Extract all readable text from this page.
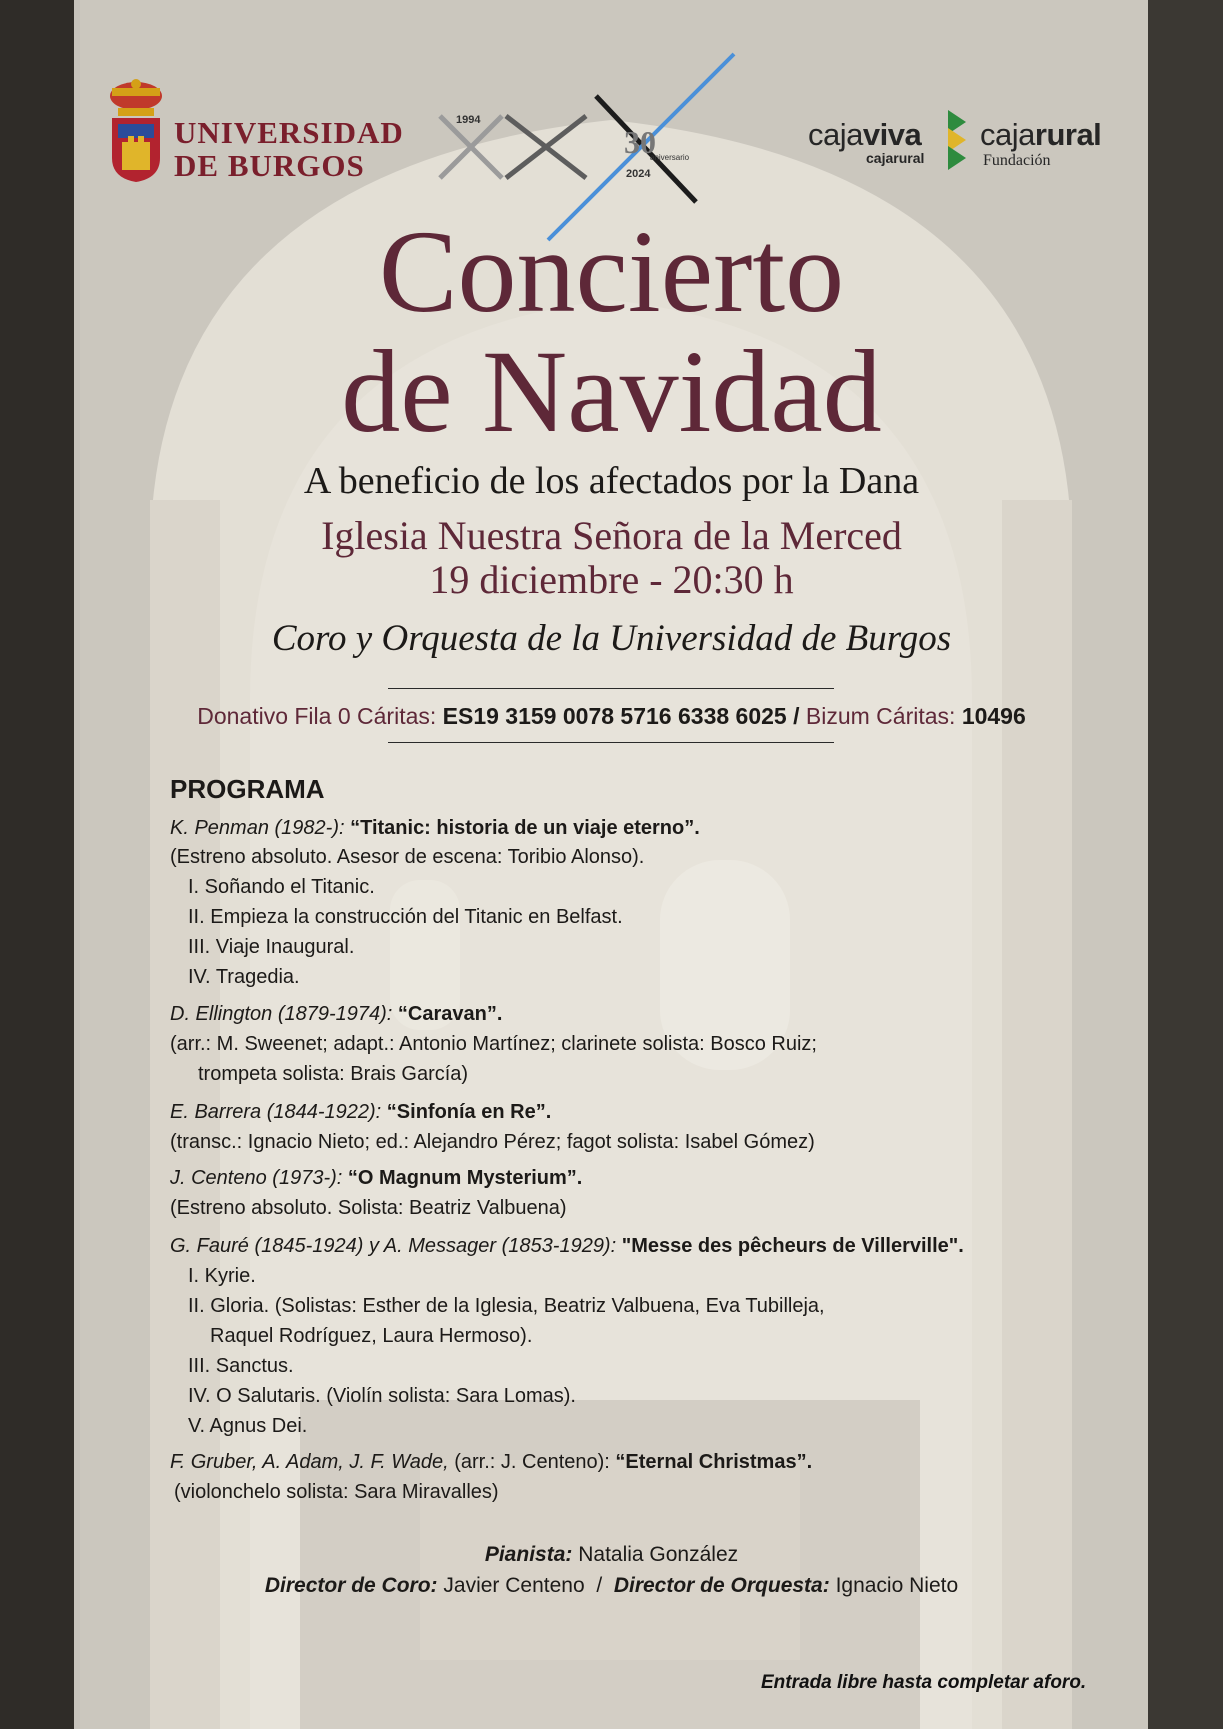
UNIVERSIDAD
DE BURGOS
1994
30
aniversario
2024
cajaviva
cajarural
cajarural
Fundación
Concierto
de Navidad
A beneficio de los afectados por la Dana
Iglesia Nuestra Señora de la Merced
19 diciembre - 20:30 h
Coro y Orquesta de la Universidad de Burgos
Donativo Fila 0 Cáritas: ES19 3159 0078 5716 6338 6025 / Bizum Cáritas: 10496
PROGRAMA
K. Penman (1982-): “Titanic: historia de un viaje eterno”.
(Estreno absoluto. Asesor de escena: Toribio Alonso).
I. Soñando el Titanic.
II. Empieza la construcción del Titanic en Belfast.
III. Viaje Inaugural.
IV. Tragedia.
D. Ellington (1879-1974): “Caravan”.
(arr.: M. Sweenet; adapt.: Antonio Martínez; clarinete solista: Bosco Ruiz;
trompeta solista: Brais García)
E. Barrera (1844-1922): “Sinfonía en Re”.
(transc.: Ignacio Nieto; ed.: Alejandro Pérez; fagot solista: Isabel Gómez)
J. Centeno (1973-): “O Magnum Mysterium”.
(Estreno absoluto. Solista: Beatriz Valbuena)
G. Fauré (1845-1924) y A. Messager (1853-1929): "Messe des pêcheurs de Villerville".
I. Kyrie.
II. Gloria. (Solistas: Esther de la Iglesia, Beatriz Valbuena, Eva Tubilleja,
Raquel Rodríguez, Laura Hermoso).
III. Sanctus.
IV. O Salutaris. (Violín solista: Sara Lomas).
V. Agnus Dei.
F. Gruber, A. Adam, J. F. Wade, (arr.: J. Centeno): “Eternal Christmas”.
(violonchelo solista: Sara Miravalles)
Pianista: Natalia González
Director de Coro: Javier Centeno / Director de Orquesta: Ignacio Nieto
Entrada libre hasta completar aforo.
